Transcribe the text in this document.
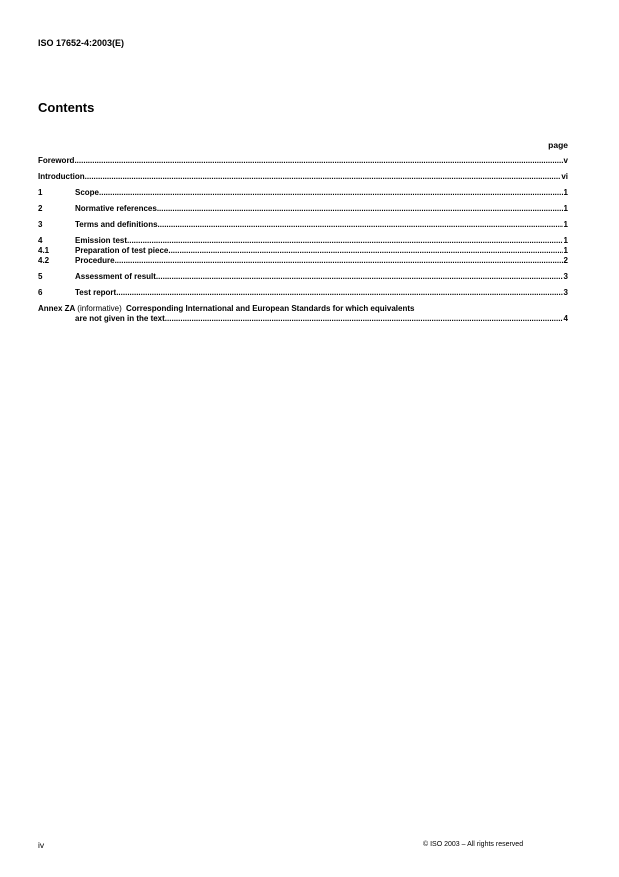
ISO 17652-4:2003(E)
Contents
page
Foreword .....	v
Introduction .....	vi
1	Scope .....	1
2	Normative references .....	1
3	Terms and definitions .....	1
4	Emission test .....	1
4.1	Preparation of test piece .....	1
4.2	Procedure .....	2
5	Assessment of result .....	3
6	Test report .....	3
Annex ZA (informative) Corresponding International and European Standards for which equivalents
are not given in the text .....	4
iv	© ISO 2003 – All rights reserved
